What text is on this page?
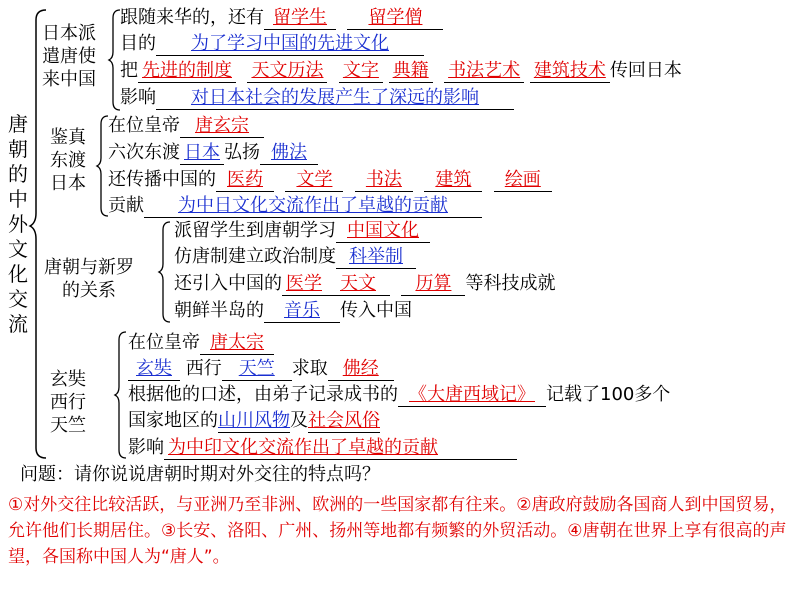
唐朝的中外文化交流
日本派
遣唐使
来中国
跟随来华的，还有 留学生 留学僧
目的 为了学习中国的先进文化
把 先进的制度 天文历法 文字 典籍 书法艺术 建筑技术 传回日本
影响 对日本社会的发展产生了深远的影响
鉴真
东渡
日本
在位皇帝 唐玄宗
六次东渡 日本 弘扬 佛法
还传播中国的 医药 文学 书法 建筑 绘画
贡献 为中日文化交流作出了卓越的贡献
唐朝与新罗
的关系
派留学生到唐朝学习 中国文化
仿唐制建立政治制度 科举制
还引入中国的 医学 天文 历算 等科技成就
朝鲜半岛的 音乐 传入中国
玄奘
西行
天竺
在位皇帝 唐太宗
玄奘 西行 天竺 求取 佛经
根据他的口述，由弟子记录成书的 《大唐西域记》 记载了100多个
国家地区的山川风物及社会风俗
影响 为中印文化交流作出了卓越的贡献
问题：请你说说唐朝时期对外交往的特点吗？
①对外交往比较活跃，与亚洲乃至非洲、欧洲的一些国家都有往来。②唐政府鼓励各国商人到中国贸易，允许他们长期居住。③长安、洛阳、广州、扬州等地都有频繁的外贸活动。④唐朝在世界上享有很高的声望，各国称中国人为“唐人”。
